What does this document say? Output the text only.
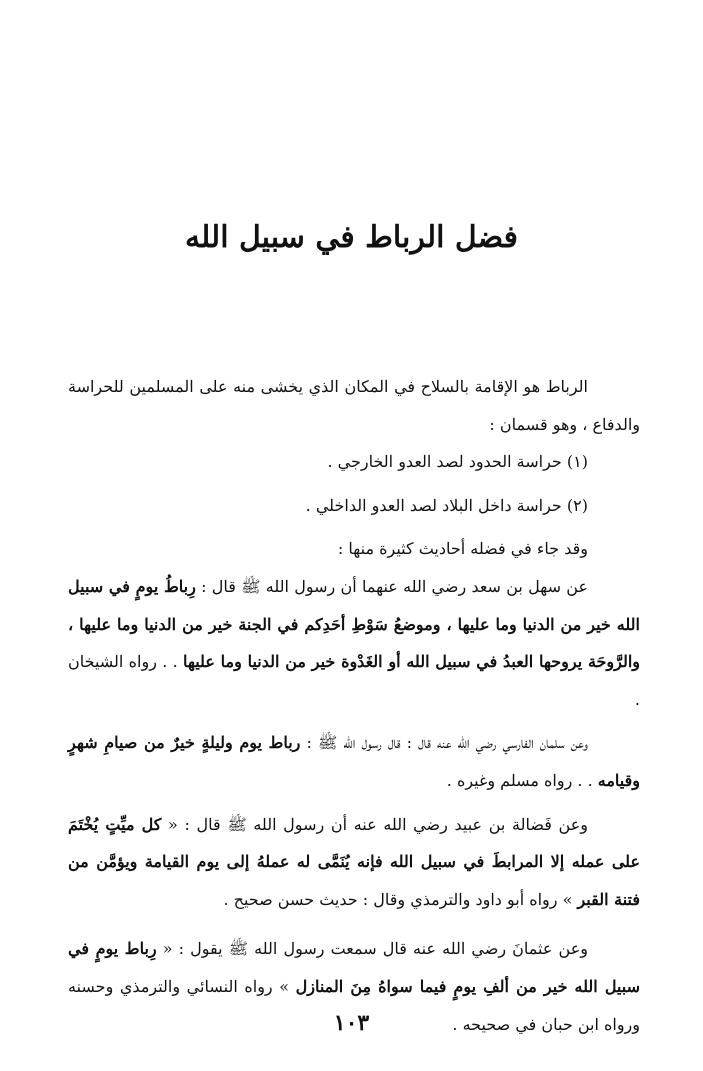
فضل الرباط في سبيل الله

الرباط هو الإقامة بالسلاح في المكان الذي يخشى منه على المسلمين للحراسة والدفاع ، وهو قسمان :

(١) حراسة الحدود لصد العدو الخارجي .

(٢) حراسة داخل البلاد لصد العدو الداخلي .

وقد جاء في فضله أحاديث كثيرة منها :

عن سهل بن سعد رضي الله عنهما أن رسول الله ﷺ قال : رِباطُ يومٍ في سبيل الله خير من الدنيا وما عليها ، وموضعُ سَوْطِ أحَدِكم في الجنة خير من الدنيا وما عليها ، والرَّوحَة يروحها العبدُ في سبيل الله أو الغَدْوة خير من الدنيا وما عليها . . رواه الشيخان .

وعن سلمان الفارسي رضي الله عنه قال : قال رسول الله ﷺ : رباط يوم وليلةٍ خيرٌ من صيامِ شهرٍ وقيامه . . رواه مسلم وغيره .

وعن فَضالة بن عبيد رضي الله عنه أن رسول الله ﷺ قال : « كل ميِّتٍ يُخْتَمَ على عمله إلا المرابطَ في سبيل الله فإنه يُنَمَّى له عملهُ إلى يوم القيامة ويؤمَّن من فتنة القبر » رواه أبو داود والترمذي وقال : حديث حسن صحيح .

وعن عثمانَ رضي الله عنه قال سمعت رسول الله ﷺ يقول : « رِباط يومٍ في سبيل الله خير من ألفِ يومٍ فيما سواهُ مِنَ المنازل » رواه النسائي والترمذي وحسنه ورواه ابن حبان في صحيحه .

١٠٣
